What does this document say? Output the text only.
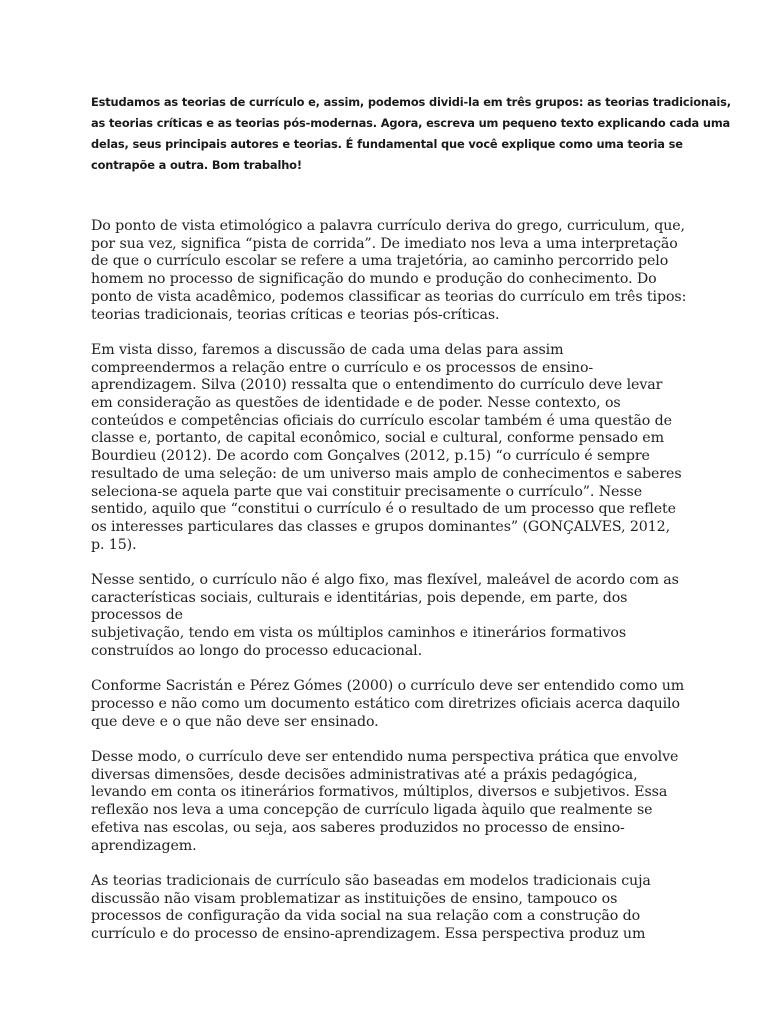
Estudamos as teorias de currículo e, assim, podemos dividi-la em três grupos: as teorias tradicionais,
as teorias críticas e as teorias pós-modernas. Agora, escreva um pequeno texto explicando cada uma
delas, seus principais autores e teorias. É fundamental que você explique como uma teoria se
contrapõe a outra. Bom trabalho!
Do ponto de vista etimológico a palavra currículo deriva do grego, curriculum, que,
por sua vez, significa “pista de corrida”. De imediato nos leva a uma interpretação
de que o currículo escolar se refere a uma trajetória, ao caminho percorrido pelo
homem no processo de significação do mundo e produção do conhecimento. Do
ponto de vista acadêmico, podemos classificar as teorias do currículo em três tipos:
teorias tradicionais, teorias críticas e teorias pós-críticas.
Em vista disso, faremos a discussão de cada uma delas para assim
compreendermos a relação entre o currículo e os processos de ensino-
aprendizagem. Silva (2010) ressalta que o entendimento do currículo deve levar
em consideração as questões de identidade e de poder. Nesse contexto, os
conteúdos e competências oficiais do currículo escolar também é uma questão de
classe e, portanto, de capital econômico, social e cultural, conforme pensado em
Bourdieu (2012). De acordo com Gonçalves (2012, p.15) “o currículo é sempre
resultado de uma seleção: de um universo mais amplo de conhecimentos e saberes
seleciona-se aquela parte que vai constituir precisamente o currículo”. Nesse
sentido, aquilo que “constitui o currículo é o resultado de um processo que reflete
os interesses particulares das classes e grupos dominantes” (GONÇALVES, 2012,
p. 15).
Nesse sentido, o currículo não é algo fixo, mas flexível, maleável de acordo com as
características sociais, culturais e identitárias, pois depende, em parte, dos
processos de
subjetivação, tendo em vista os múltiplos caminhos e itinerários formativos
construídos ao longo do processo educacional.
Conforme Sacristán e Pérez Gómes (2000) o currículo deve ser entendido como um
processo e não como um documento estático com diretrizes oficiais acerca daquilo
que deve e o que não deve ser ensinado.
Desse modo, o currículo deve ser entendido numa perspectiva prática que envolve
diversas dimensões, desde decisões administrativas até a práxis pedagógica,
levando em conta os itinerários formativos, múltiplos, diversos e subjetivos. Essa
reflexão nos leva a uma concepção de currículo ligada àquilo que realmente se
efetiva nas escolas, ou seja, aos saberes produzidos no processo de ensino-
aprendizagem.
As teorias tradicionais de currículo são baseadas em modelos tradicionais cuja
discussão não visam problematizar as instituições de ensino, tampouco os
processos de configuração da vida social na sua relação com a construção do
currículo e do processo de ensino-aprendizagem. Essa perspectiva produz um
